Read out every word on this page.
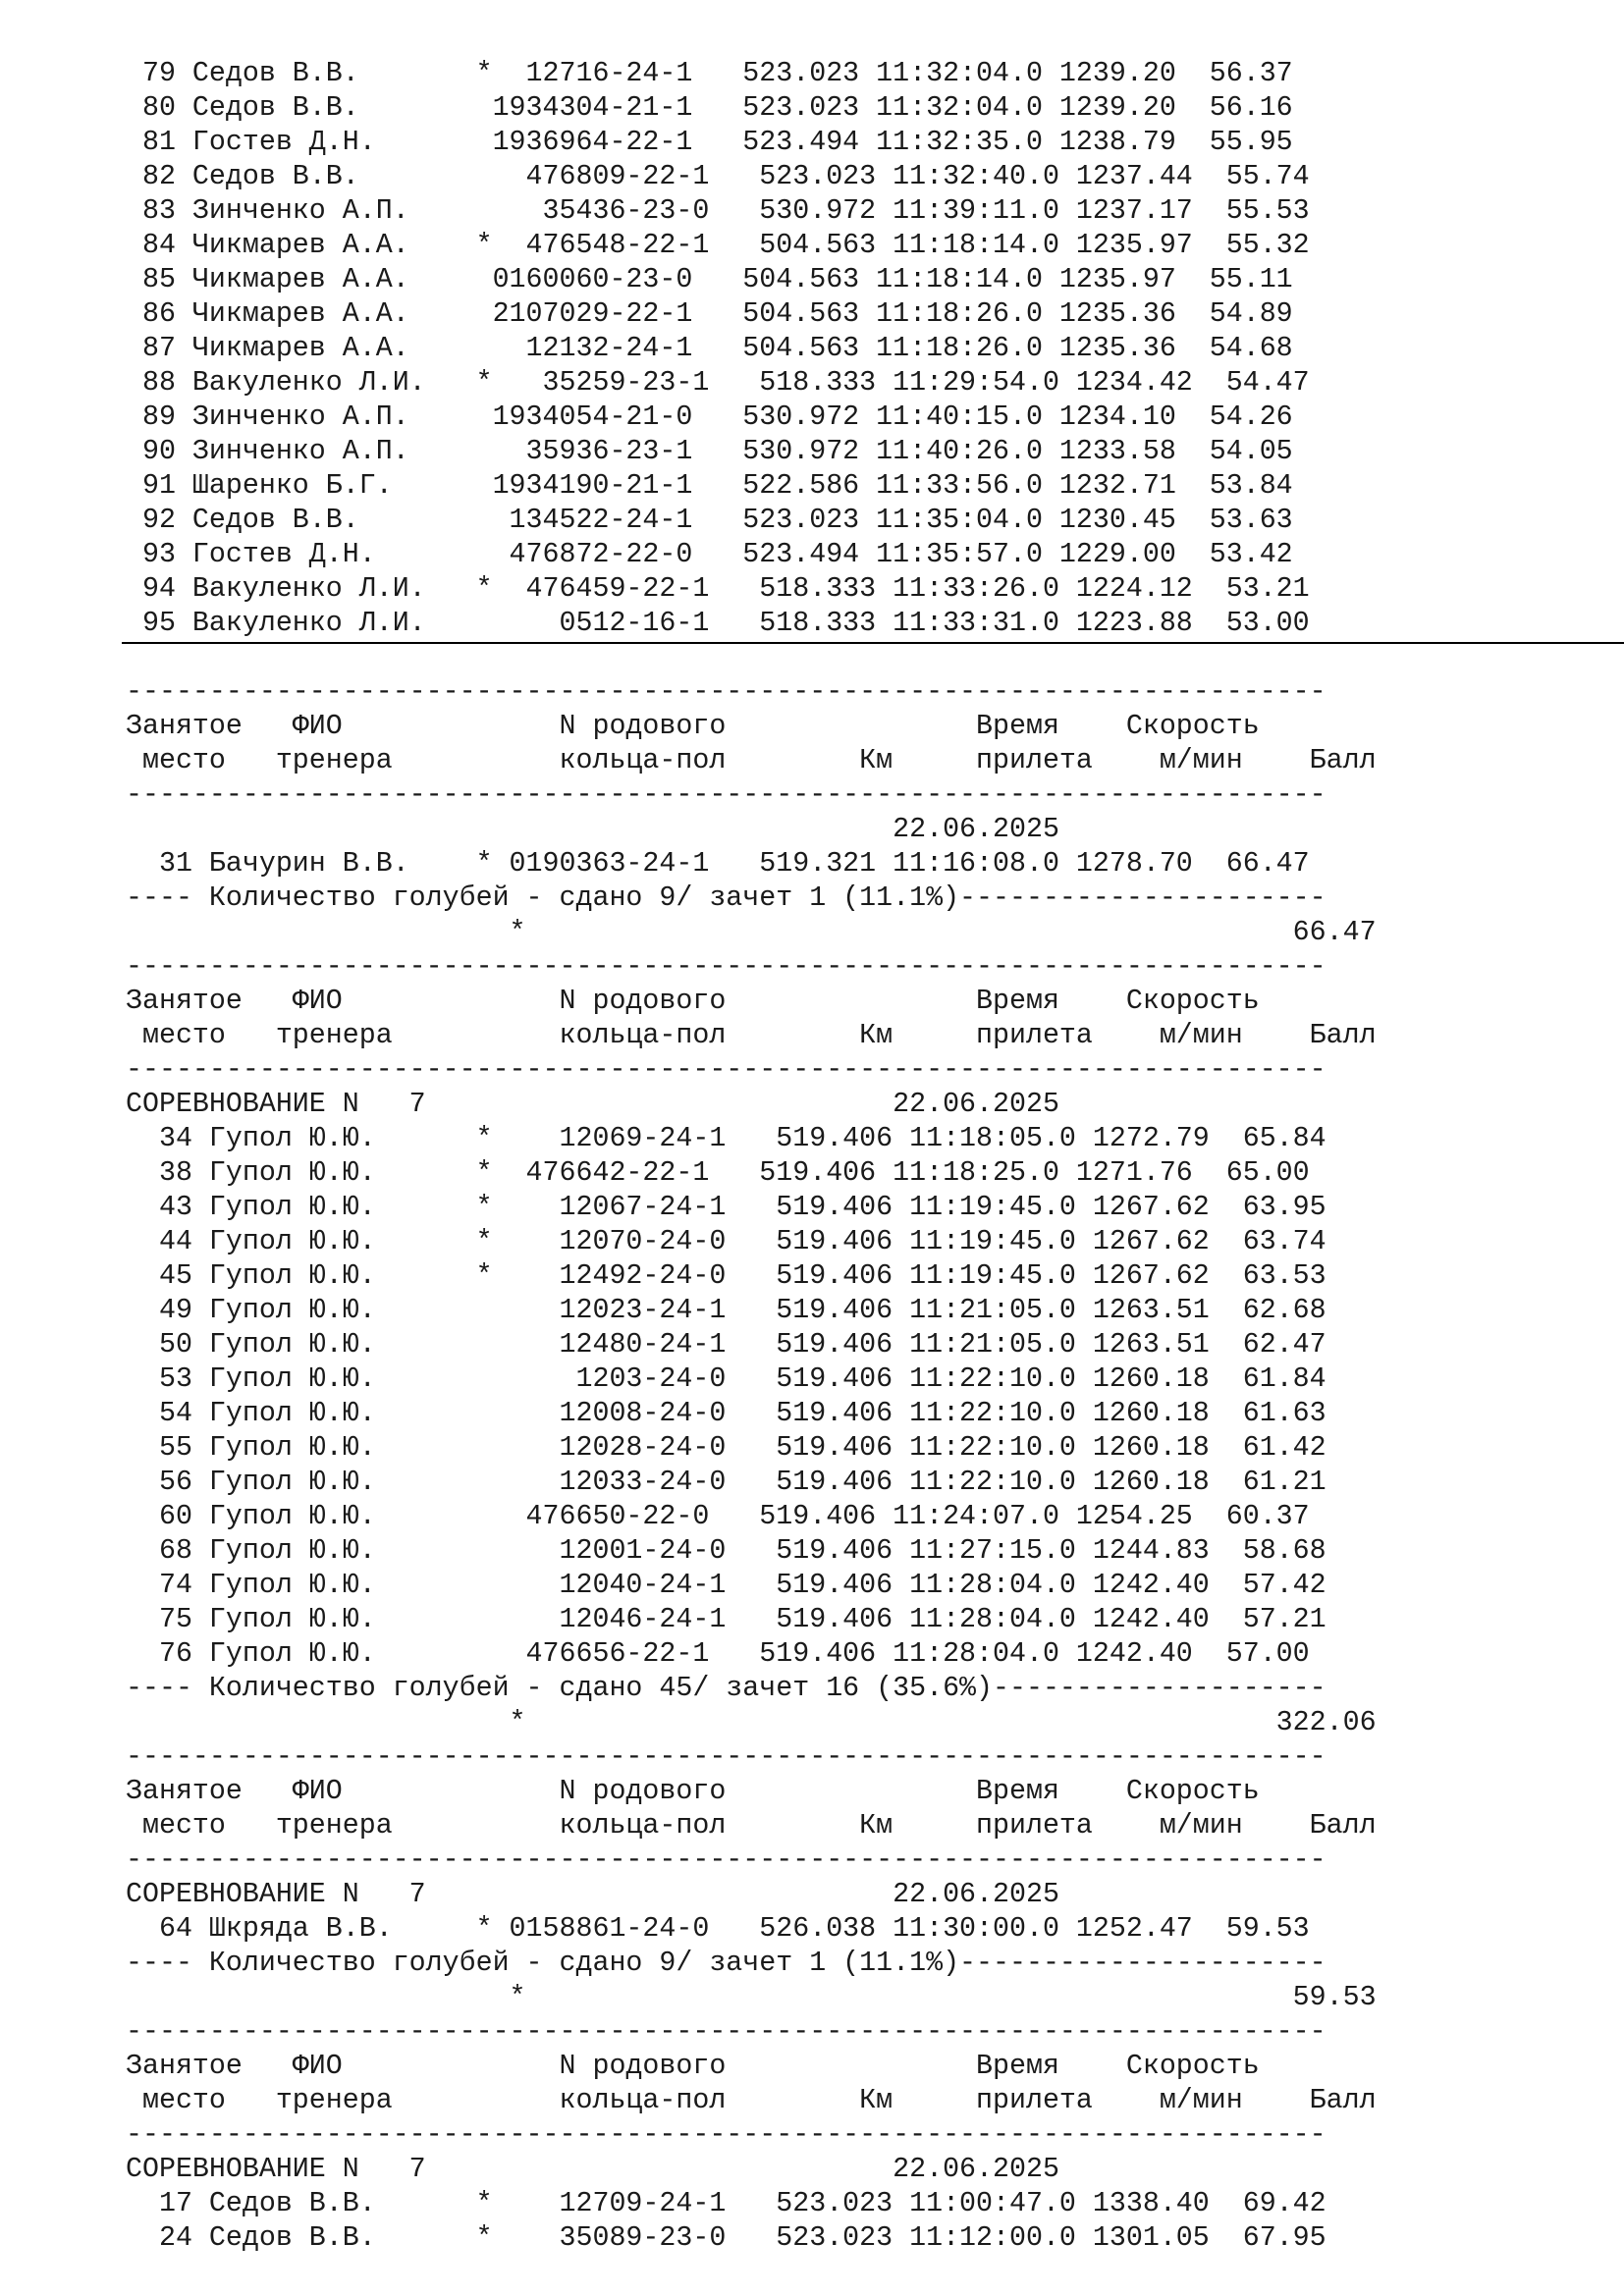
79 Седов В.В.       *  12716-24-1   523.023 11:32:04.0 1239.20  56.37
80 Седов В.В.        1934304-21-1   523.023 11:32:04.0 1239.20  56.16
81 Гостев Д.Н.       1936964-22-1   523.494 11:32:35.0 1238.79  55.95
82 Седов В.В.          476809-22-1   523.023 11:32:40.0 1237.44  55.74
83 Зинченко А.П.        35436-23-0   530.972 11:39:11.0 1237.17  55.53
84 Чикмарев А.А.    *  476548-22-1   504.563 11:18:14.0 1235.97  55.32
85 Чикмарев А.А.     0160060-23-0   504.563 11:18:14.0 1235.97  55.11
86 Чикмарев А.А.     2107029-22-1   504.563 11:18:26.0 1235.36  54.89
87 Чикмарев А.А.       12132-24-1   504.563 11:18:26.0 1235.36  54.68
88 Вакуленко Л.И.   *   35259-23-1   518.333 11:29:54.0 1234.42  54.47
89 Зинченко А.П.     1934054-21-0   530.972 11:40:15.0 1234.10  54.26
90 Зинченко А.П.       35936-23-1   530.972 11:40:26.0 1233.58  54.05
91 Шаренко Б.Г.      1934190-21-1   522.586 11:33:56.0 1232.71  53.84
92 Седов В.В.         134522-24-1   523.023 11:35:04.0 1230.45  53.63
93 Гостев Д.Н.        476872-22-0   523.494 11:35:57.0 1229.00  53.42
94 Вакуленко Л.И.   *  476459-22-1   518.333 11:33:26.0 1224.12  53.21
95 Вакуленко Л.И.        0512-16-1   518.333 11:33:31.0 1223.88  53.00
------------------------------------------------------------------------
Занятое   ФИО             N родового               Время    Скорость
место   тренера          кольца-пол        Км     прилета    м/мин    Балл
------------------------------------------------------------------------
22.06.2025
31 Бачурин В.В.    * 0190363-24-1   519.321 11:16:08.0 1278.70  66.47
---- Количество голубей - сдано 9/ зачет 1 (11.1%)----------------------
*                                              66.47
------------------------------------------------------------------------
Занятое   ФИО             N родового               Время    Скорость
место   тренера          кольца-пол        Км     прилета    м/мин    Балл
------------------------------------------------------------------------
СОРЕВНОВАНИЕ N   7                            22.06.2025
34 Гупол Ю.Ю.      *    12069-24-1   519.406 11:18:05.0 1272.79  65.84
38 Гупол Ю.Ю.      *  476642-22-1   519.406 11:18:25.0 1271.76  65.00
43 Гупол Ю.Ю.      *    12067-24-1   519.406 11:19:45.0 1267.62  63.95
44 Гупол Ю.Ю.      *    12070-24-0   519.406 11:19:45.0 1267.62  63.74
45 Гупол Ю.Ю.      *    12492-24-0   519.406 11:19:45.0 1267.62  63.53
49 Гупол Ю.Ю.           12023-24-1   519.406 11:21:05.0 1263.51  62.68
50 Гупол Ю.Ю.           12480-24-1   519.406 11:21:05.0 1263.51  62.47
53 Гупол Ю.Ю.            1203-24-0   519.406 11:22:10.0 1260.18  61.84
54 Гупол Ю.Ю.           12008-24-0   519.406 11:22:10.0 1260.18  61.63
55 Гупол Ю.Ю.           12028-24-0   519.406 11:22:10.0 1260.18  61.42
56 Гупол Ю.Ю.           12033-24-0   519.406 11:22:10.0 1260.18  61.21
60 Гупол Ю.Ю.         476650-22-0   519.406 11:24:07.0 1254.25  60.37
68 Гупол Ю.Ю.           12001-24-0   519.406 11:27:15.0 1244.83  58.68
74 Гупол Ю.Ю.           12040-24-1   519.406 11:28:04.0 1242.40  57.42
75 Гупол Ю.Ю.           12046-24-1   519.406 11:28:04.0 1242.40  57.21
76 Гупол Ю.Ю.         476656-22-1   519.406 11:28:04.0 1242.40  57.00
---- Количество голубей - сдано 45/ зачет 16 (35.6%)--------------------
*                                             322.06
------------------------------------------------------------------------
Занятое   ФИО             N родового               Время    Скорость
место   тренера          кольца-пол        Км     прилета    м/мин    Балл
------------------------------------------------------------------------
СОРЕВНОВАНИЕ N   7                            22.06.2025
64 Шкряда В.В.     * 0158861-24-0   526.038 11:30:00.0 1252.47  59.53
---- Количество голубей - сдано 9/ зачет 1 (11.1%)----------------------
*                                              59.53
------------------------------------------------------------------------
Занятое   ФИО             N родового               Время    Скорость
место   тренера          кольца-пол        Км     прилета    м/мин    Балл
------------------------------------------------------------------------
СОРЕВНОВАНИЕ N   7                            22.06.2025
17 Седов В.В.      *    12709-24-1   523.023 11:00:47.0 1338.40  69.42
24 Седов В.В.      *    35089-23-0   523.023 11:12:00.0 1301.05  67.95
